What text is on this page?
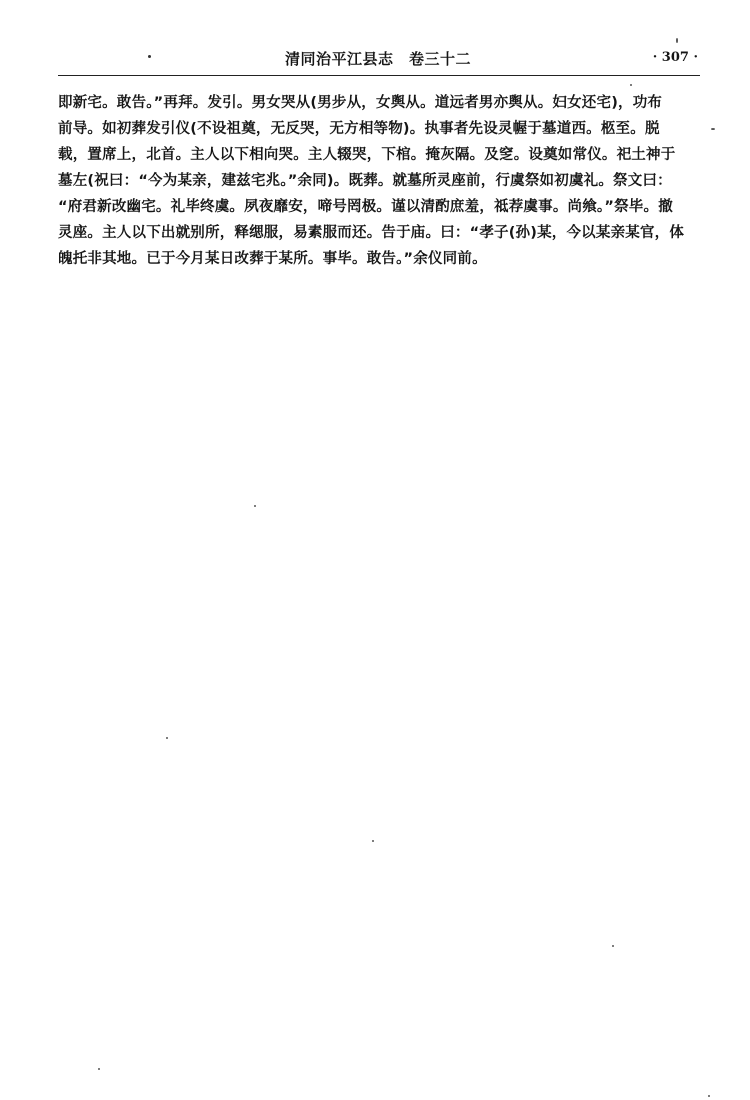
清同治平江县志　卷三十二	· 307 ·
即新宅。敢告。”再拜。发引。男女哭从(男步从，女舆从。道远者男亦舆从。妇女还宅)，功布
前导。如初葬发引仪(不设祖奠，无反哭，无方相等物)。执事者先设灵幄于墓道西。柩至。脱
载，置席上，北首。主人以下相向哭。主人辍哭，下棺。掩灰隔。及窆。设奠如常仪。祀土神于
墓左(祝曰：“今为某亲，建兹宅兆。”余同)。既葬。就墓所灵座前，行虞祭如初虞礼。祭文曰：
“府君新改幽宅。礼毕终虞。夙夜靡安，啼号罔极。谨以清酌庶羞，祗荐虞事。尚飨。”祭毕。撤
灵座。主人以下出就别所，释缌服，易素服而还。告于庙。曰：“孝子(孙)某，今以某亲某官，体
魄托非其地。已于今月某日改葬于某所。事毕。敢告。”余仪同前。
